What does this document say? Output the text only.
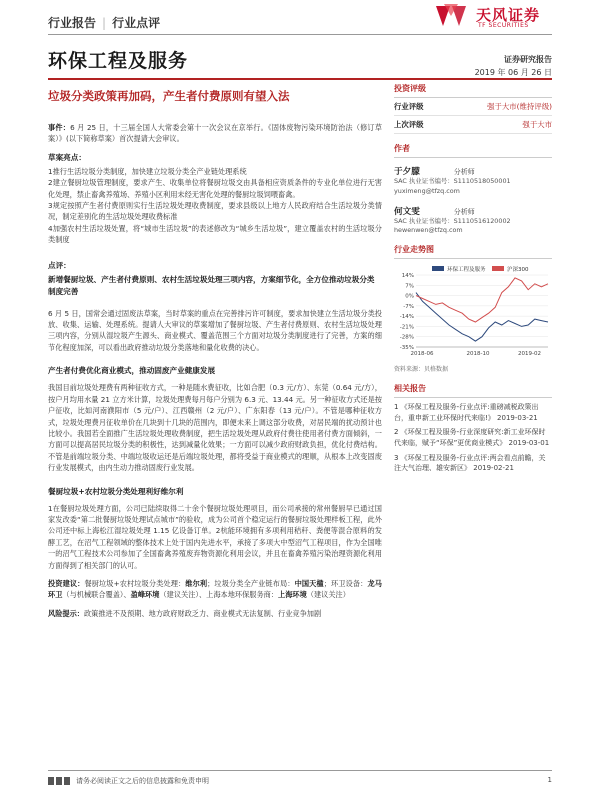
行业报告 | 行业点评	天风证券
TF SECURITIES
环保工程及服务	证券研究报告
2019 年 06 月 26 日
垃圾分类政策再加码，产生者付费原则有望入法
事件：6 月 25 日，十三届全国人大常委会第十一次会议在京举行。《固体废物污染环境防治法（修订草案）》(以下简称草案）首次提请大会审议。
草案亮点：
1推行生活垃圾分类制度，加快建立垃圾分类全产业链处理系统
2建立餐厨垃圾管理制度，要求产生、收集单位将餐厨垃圾交由具备相应资质条件的专业化单位进行无害化处理，禁止畜禽养殖场、养殖小区利用未经无害化处理的餐厨垃圾饲喂畜禽。
3规定按照产生者付费原则实行生活垃圾处理收费制度，要求县级以上地方人民政府结合生活垃圾分类情况，制定差别化的生活垃圾处理收费标准
4加强农村生活垃圾处置，将“城市生活垃圾”的表述修改为“城乡生活垃圾”，建立覆盖农村的生活垃圾分类制度
点评：
新增餐厨垃圾、产生者付费原则、农村生活垃圾处理三项内容，方案细节化，全方位推动垃圾分类制度完善
6 月 5 日，国常会通过固废法草案，当时草案的重点在完善排污许可制度，要求加快建立生活垃圾分类投放、收集、运输、处理系统。提请人大审议的草案增加了餐厨垃圾、产生者付费原则、农村生活垃圾处理三项内容，分别从湿垃圾产生源头、商业模式、覆盖范围三个方面对垃圾分类制度进行了完善，方案的细节化程度加深，可以看出政府推动垃圾分类落地和量化收费的决心。
产生者付费优化商业模式，推动固废产业健康发展
我国目前垃圾处理费有两种征收方式，一种是随水费征收，比如合肥（0.3 元/方）、东莞（0.64 元/方），按户月均用水量 21 立方米计算，垃圾处理费每月每户分别为 6.3 元、13.44 元。另一种征收方式还是按户征收，比如河南濮阳市（5 元/户）、江西赣州（2 元/户）、广东阳春（13 元/户）。不管是哪种征收方式，垃圾处理费月征收单价在几块到十几块的范围内，即便未来上调这部分收费，对居民端的扰动预计也比较小。我国若全面推广生活垃圾处理收费制度，把生活垃圾处理从政府付费往使用者付费方面倾斜，一方面可以提高居民垃圾分类的积极性，达到减量化效果；一方面可以减少政府财政负担，优化付费结构。不管是前端垃圾分类、中端垃圾收运还是后端垃圾处理，都将受益于商业模式的理顺，从根本上改变固废行业发展模式，由内生动力推动固废行业发展。
餐厨垃圾+农村垃圾分类处理利好维尔利
1在餐厨垃圾处理方面，公司已陆续取得二十余个餐厨垃圾处理项目，而公司承接的常州餐厨早已通过国家发改委“第二批餐厨垃圾处理试点城市”的验收，成为公司首个稳定运行的餐厨垃圾处理样板工程，此外公司还中标上海松江湿垃圾处理 1.15 亿设备订单。2杭能环境拥有多项利用秸秆、粪便等混合原料的发酵工艺，在沼气工程领域的整体技术上处于国内先进水平，承接了多项大中型沼气工程项目，作为全国唯一的沼气工程技术公司参加了全国畜禽养殖废弃物资源化利用会议，并且在畜禽养殖污染治理资源化利用方面得到了相关部门的认可。
投资建议：餐厨垃圾+农村垃圾分类处理：维尔利；垃圾分类全产业链布局：中国天楹；环卫设备：龙马环卫（与机械联合覆盖）、盈峰环境（建议关注）、上海本地环保服务商：上海环境（建议关注）
风险提示：政策推进不及预期、地方政府财政乏力、商业模式无法复制、行业竞争加剧
投资评级
行业评级	强于大市(维持评级)
上次评级	强于大市
作者
于夕朦	分析师
SAC 执业证书编号：S1110518050001
yuximeng@tfzq.com
何文雯	分析师
SAC 执业证书编号：S1110516120002
hewenwen@tfzq.com
行业走势图
环保工程及服务	沪深300
14%
7%
0%
-7%
-14%
-21%
-28%
-35%
2018-06	2018-10	2019-02
资料来源：贝格数据
相关报告
1 《环保工程及服务-行业点评:重磅减税政策出台，重申新工业环保时代来临!》 2019-03-21
2 《环保工程及服务-行业深度研究:新工业环保时代来临，赋予“环保”更优商业模式》 2019-03-01
3 《环保工程及服务-行业点评:两会看点前瞻，关注大气治理、雄安新区》 2019-02-21
请务必阅读正文之后的信息披露和免责申明	1
